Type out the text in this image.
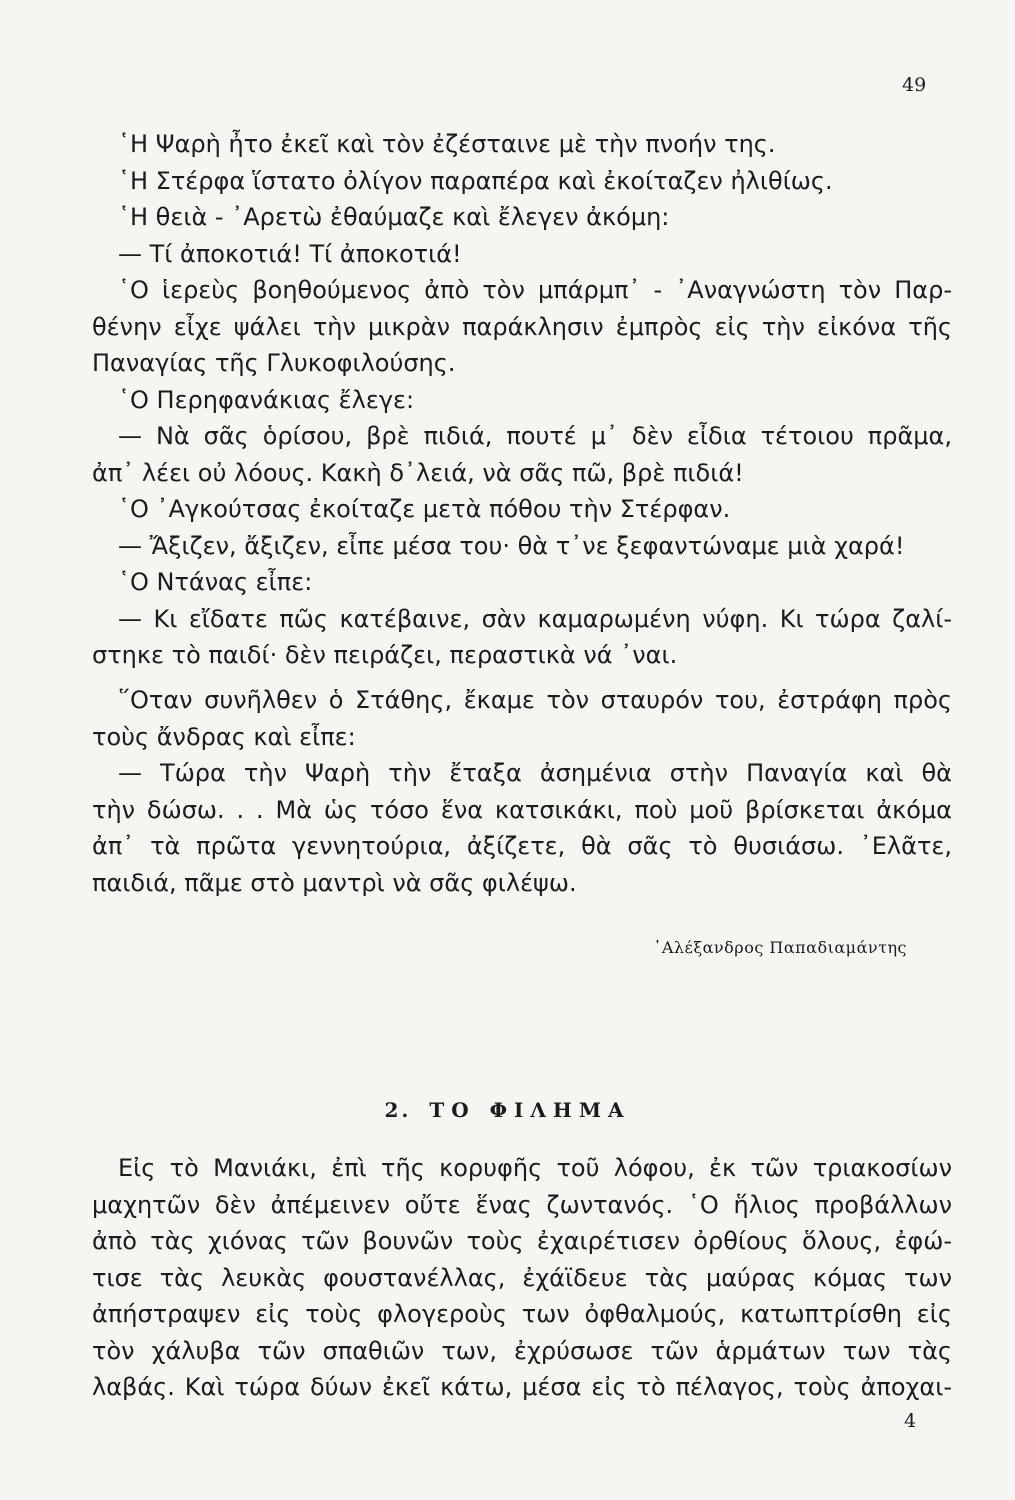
49
῾Η Ψαρὴ ἦτο ἐκεῖ καὶ τὸν ἐζέσταινε μὲ τὴν πνοήν της.
῾Η Στέρφα ἵστατο ὀλίγον παραπέρα καὶ ἐκοίταζεν ἠλιθίως.
῾Η θειὰ - ᾿Αρετὼ ἐθαύμαζε καὶ ἔλεγεν ἀκόμη:
— Τί ἀποκοτιά! Τί ἀποκοτιά!
῾Ο ἱερεὺς βοηθούμενος ἀπὸ τὸν μπάρμπ᾿ - ᾿Αναγνώστη τὸν Παρ-
θένην εἶχε ψάλει τὴν μικρὰν παράκλησιν ἐμπρὸς εἰς τὴν εἰκόνα τῆς
Παναγίας τῆς Γλυκοφιλούσης.
῾Ο Περηφανάκιας ἔλεγε:
— Νὰ σᾶς ὁρίσου, βρὲ πιδιά, πουτέ μ᾿ δὲν εἶδια τέτοιου πρᾶμα,
ἀπ᾿ λέει οὐ λόους. Κακὴ δ᾿λειά, νὰ σᾶς πῶ, βρὲ πιδιά!
῾Ο ᾿Αγκούτσας ἐκοίταζε μετὰ πόθου τὴν Στέρφαν.
— Ἄξιζεν, ἄξιζεν, εἶπε μέσα του· θὰ τ᾿νε ξεφαντώναμε μιὰ χαρά!
῾Ο Ντάνας εἶπε:
— Κι εἴδατε πῶς κατέβαινε, σὰν καμαρωμένη νύφη. Κι τώρα ζαλί-
στηκε τὸ παιδί· δὲν πειράζει, περαστικὰ νά ᾿ναι.
῞Οταν συνῆλθεν ὁ Στάθης, ἔκαμε τὸν σταυρόν του, ἐστράφη πρὸς
τοὺς ἄνδρας καὶ εἶπε:
— Τώρα τὴν Ψαρὴ τὴν ἔταξα ἀσημένια στὴν Παναγία καὶ θὰ
τὴν δώσω. . . Μὰ ὡς τόσο ἕνα κατσικάκι, ποὺ μοῦ βρίσκεται ἀκόμα
ἀπ᾿ τὰ πρῶτα γεννητούρια, ἀξίζετε, θὰ σᾶς τὸ θυσιάσω. ᾿Ελᾶτε,
παιδιά, πᾶμε στὸ μαντρὶ νὰ σᾶς φιλέψω.
᾿Αλέξανδρος Παπαδιαμάντης
2. ΤΟ ΦΙΛΗΜΑ
Εἰς τὸ Μανιάκι, ἐπὶ τῆς κορυφῆς τοῦ λόφου, ἐκ τῶν τριακοσίων
μαχητῶν δὲν ἀπέμεινεν οὔτε ἕνας ζωντανός. ῾Ο ἥλιος προβάλλων
ἀπὸ τὰς χιόνας τῶν βουνῶν τοὺς ἐχαιρέτισεν ὀρθίους ὅλους, ἐφώ-
τισε τὰς λευκὰς φουστανέλλας, ἐχάϊδευε τὰς μαύρας κόμας των
ἀπήστραψεν εἰς τοὺς φλογεροὺς των ὀφθαλμούς, κατωπτρίσθη εἰς
τὸν χάλυβα τῶν σπαθιῶν των, ἐχρύσωσε τῶν ἁρμάτων των τὰς
λαβάς. Καὶ τώρα δύων ἐκεῖ κάτω, μέσα εἰς τὸ πέλαγος, τοὺς ἀποχαι-
4
